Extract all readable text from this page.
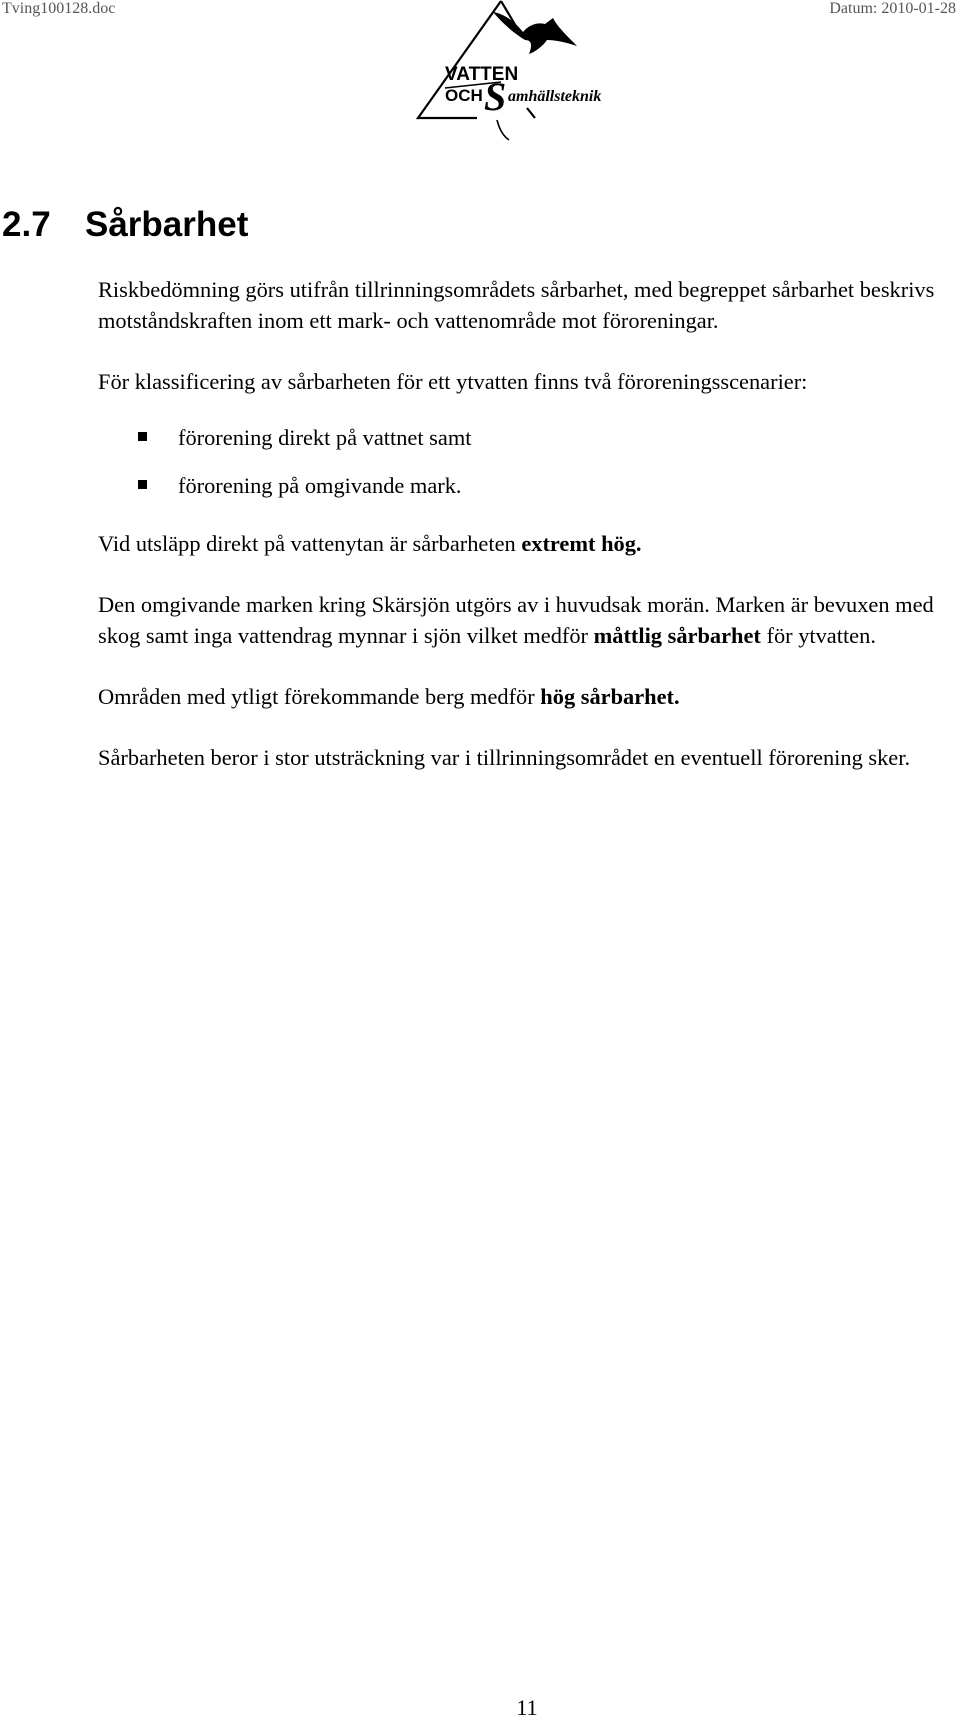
Tving100128.doc	Datum: 2010-01-28
VATTEN
OCH S amhällsteknik
2.7 Sårbarhet

Riskbedömning görs utifrån tillrinningsområdets sårbarhet, med begreppet sårbarhet beskrivs motståndskraften inom ett mark- och vattenområde mot föroreningar.

För klassificering av sårbarheten för ett ytvatten finns två föroreningsscenarier:

förorening direkt på vattnet samt
förorening på omgivande mark.

Vid utsläpp direkt på vattenytan är sårbarheten extremt hög.

Den omgivande marken kring Skärsjön utgörs av i huvudsak morän. Marken är bevuxen med skog samt inga vattendrag mynnar i sjön vilket medför måttlig sårbarhet för ytvatten.

Områden med ytligt förekommande berg medför hög sårbarhet.

Sårbarheten beror i stor utsträckning var i tillrinningsområdet en eventuell förorening sker.

11
